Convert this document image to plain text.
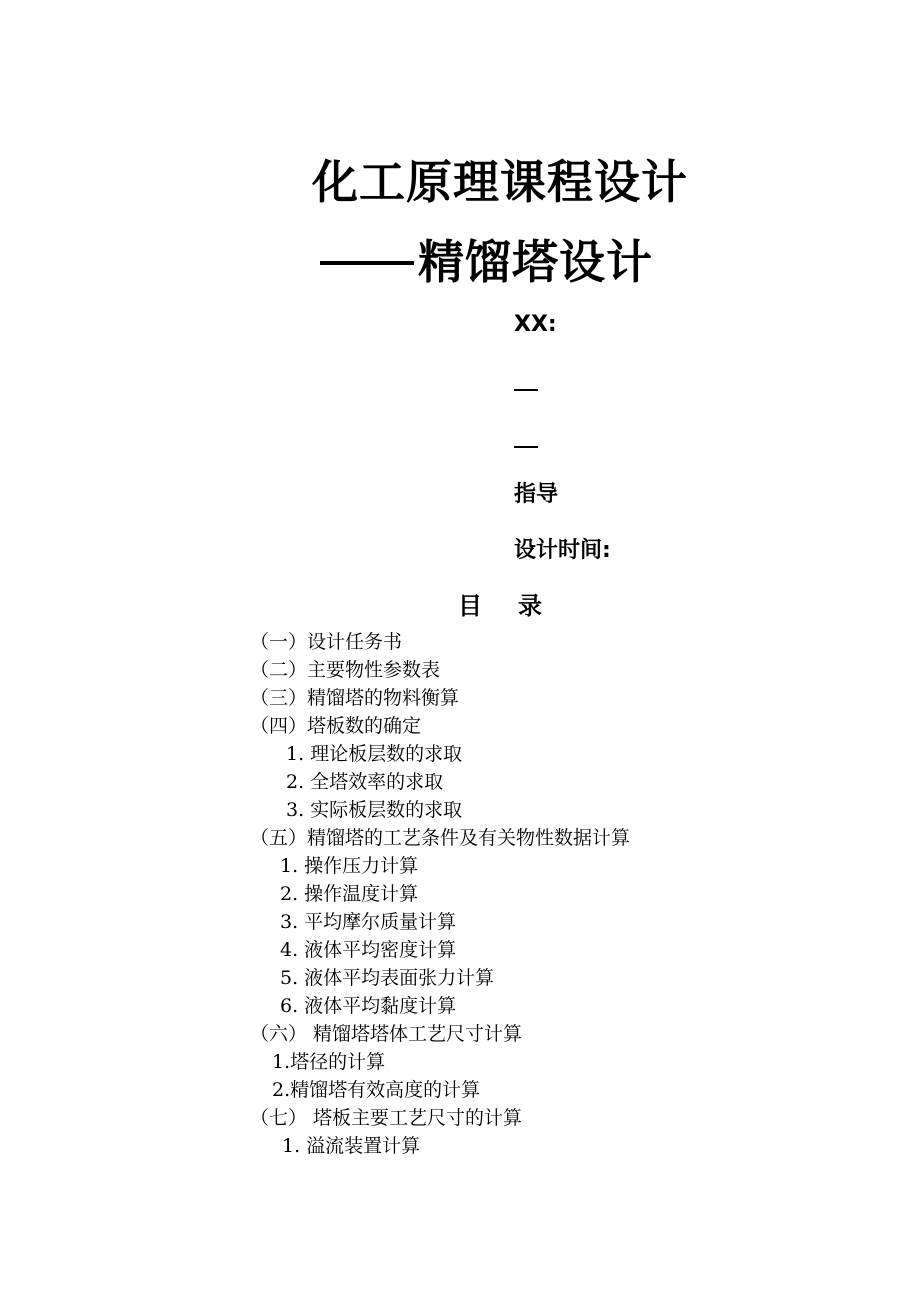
化工原理课程设计
精馏塔设计
XX:
指导
设计时间:
目 录
（一）设计任务书
（二）主要物性参数表
（三）精馏塔的物料衡算
（四）塔板数的确定
1. 理论板层数的求取
2. 全塔效率的求取
3. 实际板层数的求取
（五）精馏塔的工艺条件及有关物性数据计算
1. 操作压力计算
2. 操作温度计算
3. 平均摩尔质量计算
4. 液体平均密度计算
5. 液体平均表面张力计算
6. 液体平均黏度计算
（六） 精馏塔塔体工艺尺寸计算
1.塔径的计算
2.精馏塔有效高度的计算
（七） 塔板主要工艺尺寸的计算
1. 溢流装置计算
